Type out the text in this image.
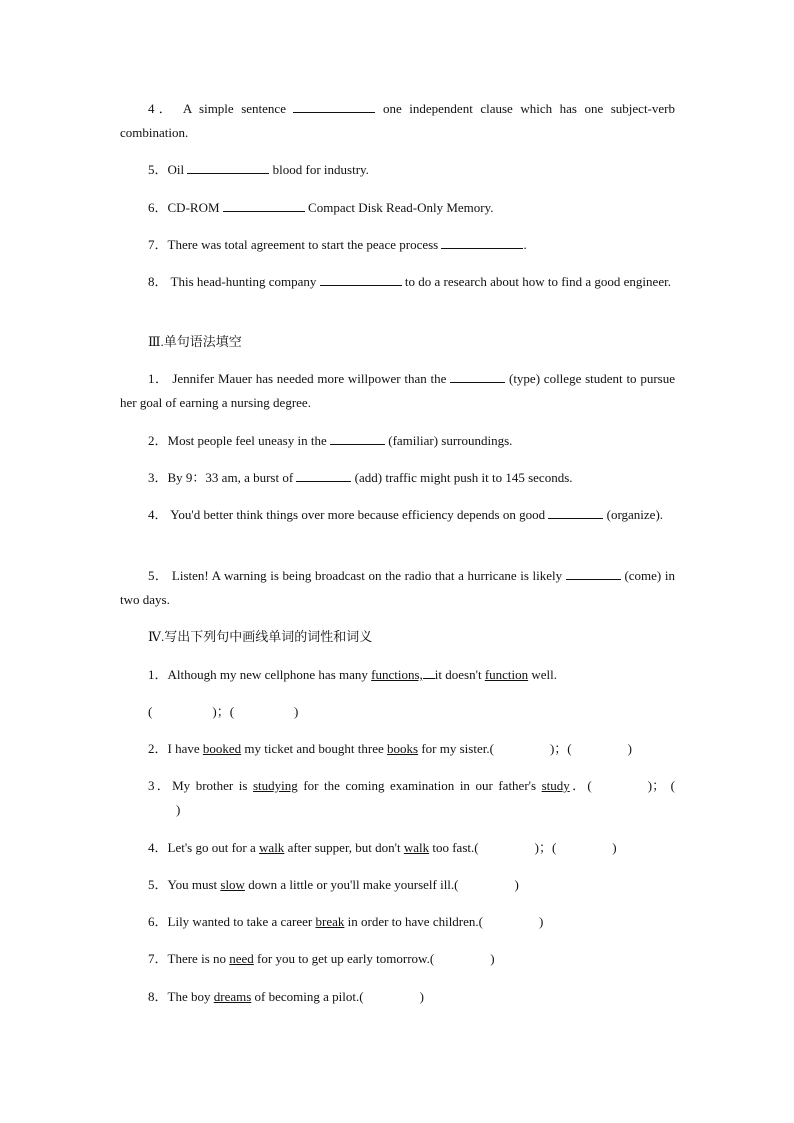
4． A simple sentence	one independent clause which has one subject-verb combination.
5．Oil	blood for industry.
6．CD-ROM	Compact Disk Read-Only Memory.
7．There was total agreement to start the peace process	.
8． This head-hunting company	to do a research about how to find a good engineer.
Ⅲ.单句语法填空
1． Jennifer Mauer has needed more willpower than the	(type) college student to pursue her goal of earning a nursing degree.
2．Most people feel uneasy in the	(familiar) surroundings.
3．By 9：33 am, a burst of	(add) traffic might push it to 145 seconds.
4． You'd better think things over more because efficiency depends on good	(organize).
5． Listen! A warning is being broadcast on the radio that a hurricane is likely	(come) in two days.
Ⅳ.写出下列句中画线单词的词性和词义
1．Although my new cellphone has many functions, it doesn't function well.
(	)；(	)
2．I have booked my ticket and bought three books for my sister.(	)；(	)
3．My brother is studying for the coming examination in our father's study．(	)； ()
4．Let's go out for a walk after supper, but don't walk too fast.(	)；(	)
5．You must slow down a little or you'll make yourself ill.(	)
6．Lily wanted to take a career break in order to have children.(	)
7．There is no need for you to get up early tomorrow.(	)
8．The boy dreams of becoming a pilot.(	)
